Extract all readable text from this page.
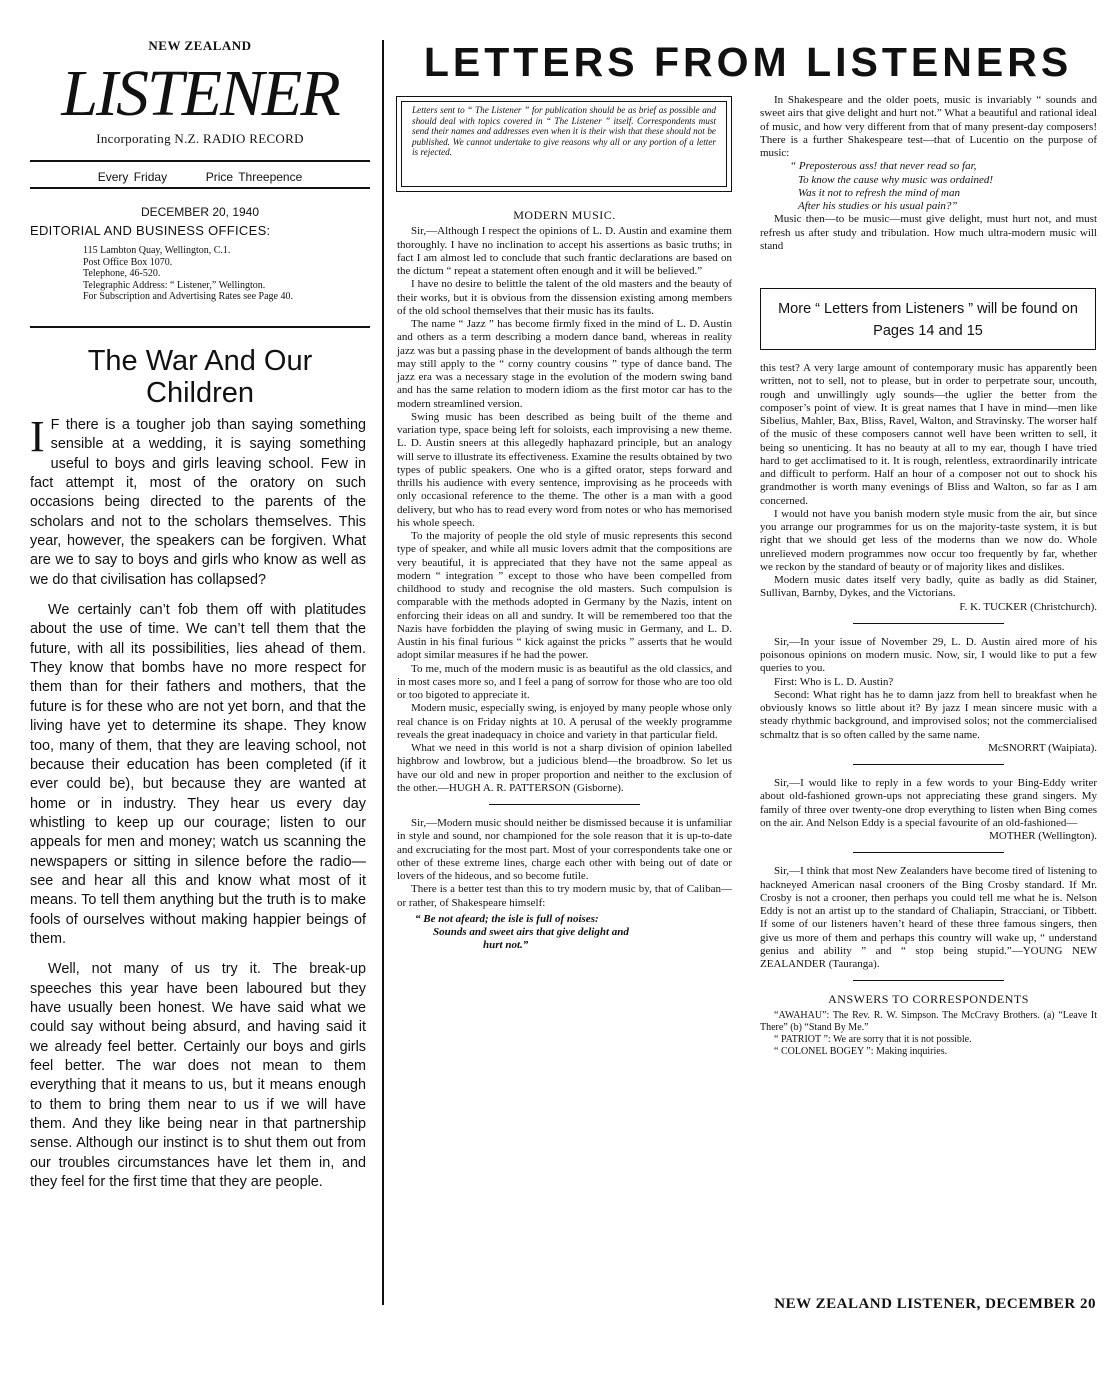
NEW ZEALAND
LISTENER
Incorporating N.Z. RADIO RECORD
Every Friday	Price Threepence
DECEMBER 20, 1940
EDITORIAL AND BUSINESS OFFICES:
115 Lambton Quay, Wellington, C.1.
Post Office Box 1070.
Telephone, 46-520.
Telegraphic Address: “ Listener,” Wellington.
For Subscription and Advertising Rates see Page 40.
The War And Our Children

I F there is a tougher job than saying something sensible at a wedding, it is saying something useful to boys and girls leaving school. Few in fact attempt it, most of the oratory on such occasions being directed to the parents of the scholars and not to the scholars themselves. This year, however, the speakers can be forgiven. What are we to say to boys and girls who know as well as we do that civilisation has collapsed?

We certainly can’t fob them off with platitudes about the use of time. We can’t tell them that the future, with all its possibilities, lies ahead of them. They know that bombs have no more respect for them than for their fathers and mothers, that the future is for these who are not yet born, and that the living have yet to determine its shape. They know too, many of them, that they are leaving school, not because their education has been completed (if it ever could be), but because they are wanted at home or in industry. They hear us every day whistling to keep up our courage; listen to our appeals for men and money; watch us scanning the newspapers or sitting in silence before the radio—see and hear all this and know what most of it means. To tell them anything but the truth is to make fools of ourselves without making happier beings of them.

Well, not many of us try it. The break-up speeches this year have been laboured but they have usually been honest. We have said what we could say without being absurd, and having said it we already feel better. Certainly our boys and girls feel better. The war does not mean to them everything that it means to us, but it means enough to them to bring them near to us if we will have them. And they like being near in that partnership sense. Although our instinct is to shut them out from our troubles circumstances have let them in, and they feel for the first time that they are people.

LETTERS FROM LISTENERS
Letters sent to “ The Listener ” for publication should be as brief as possible and should deal with topics covered in “ The Listener ” itself. Correspondents must send their names and addresses even when it is their wish that these should not be published. We cannot undertake to give reasons why all or any portion of a letter is rejected.
MODERN MUSIC.

Sir,—Although I respect the opinions of L. D. Austin and examine them thoroughly. I have no inclination to accept his assertions as basic truths; in fact I am almost led to conclude that such frantic declarations are based on the dictum “ repeat a statement often enough and it will be believed.”

I have no desire to belittle the talent of the old masters and the beauty of their works, but it is obvious from the dissension existing among members of the old school themselves that their music has its faults.

The name “ Jazz ” has become firmly fixed in the mind of L. D. Austin and others as a term describing a modern dance band, whereas in reality jazz was but a passing phase in the development of bands although the term may still apply to the “ corny country cousins ” type of dance band. The jazz era was a necessary stage in the evolution of the modern swing band and has the same relation to modern idiom as the first motor car has to the modern streamlined version.

Swing music has been described as being built of the theme and variation type, space being left for soloists, each improvising a new theme. L. D. Austin sneers at this allegedly haphazard principle, but an analogy will serve to illustrate its effectiveness. Examine the results obtained by two types of public speakers. One who is a gifted orator, steps forward and thrills his audience with every sentence, improvising as he proceeds with only occasional reference to the theme. The other is a man with a good delivery, but who has to read every word from notes or who has memorised his whole speech.

To the majority of people the old style of music represents this second type of speaker, and while all music lovers admit that the compositions are very beautiful, it is appreciated that they have not the same appeal as modern “ integration ” except to those who have been compelled from childhood to study and recognise the old masters. Such compulsion is comparable with the methods adopted in Germany by the Nazis, intent on enforcing their ideas on all and sundry. It will be remembered too that the Nazis have forbidden the playing of swing music in Germany, and L. D. Austin in his final furious “ kick against the pricks ” asserts that he would adopt similar measures if he had the power.

To me, much of the modern music is as beautiful as the old classics, and in most cases more so, and I feel a pang of sorrow for those who are too old or too bigoted to appreciate it.

Modern music, especially swing, is enjoyed by many people whose only real chance is on Friday nights at 10. A perusal of the weekly programme reveals the great inadequacy in choice and variety in that particular field.

What we need in this world is not a sharp division of opinion labelled highbrow and lowbrow, but a judicious blend—the broadbrow. So let us have our old and new in proper proportion and neither to the exclusion of the other.—HUGH A. R. PATTERSON (Gisborne).

Sir,—Modern music should neither be dismissed because it is unfamiliar in style and sound, nor championed for the sole reason that it is up-to-date and excruciating for the most part. Most of your correspondents take one or other of these extreme lines, charge each other with being out of date or lovers of the hideous, and so become futile.

There is a better test than this to try modern music by, that of Caliban—or rather, of Shakespeare himself:

“ Be not afeard; the isle is full of noises:

Sounds and sweet airs that give delight and

hurt not.”

In Shakespeare and the older poets, music is invariably “ sounds and sweet airs that give delight and hurt not.” What a beautiful and rational ideal of music, and how very different from that of many present-day composers! There is a further Shakespeare test—that of Lucentio on the purpose of music:

“ Preposterous ass! that never read so far,

To know the cause why music was ordained!

Was it not to refresh the mind of man

After his studies or his usual pain?”

Music then—to be music—must give delight, must hurt not, and must refresh us after study and tribulation. How much ultra-modern music will stand

More “ Letters from Listeners ” will be found on Pages 14 and 15

this test? A very large amount of contemporary music has apparently been written, not to sell, not to please, but in order to perpetrate sour, uncouth, rough and unwillingly ugly sounds—the uglier the better from the composer’s point of view. It is great names that I have in mind—men like Sibelius, Mahler, Bax, Bliss, Ravel, Walton, and Stravinsky. The worser half of the music of these composers cannot well have been written to sell, it being so unenticing. It has no beauty at all to my ear, though I have tried hard to get acclimatised to it. It is rough, relentless, extraordinarily intricate and difficult to perform. Half an hour of a composer not out to shock his grandmother is worth many evenings of Bliss and Walton, so far as I am concerned.

I would not have you banish modern style music from the air, but since you arrange our programmes for us on the majority-taste system, it is but right that we should get less of the moderns than we now do. Whole unrelieved modern programmes now occur too frequently by far, whether we reckon by the standard of beauty or of majority likes and dislikes.

Modern music dates itself very badly, quite as badly as did Stainer, Sullivan, Barnby, Dykes, and the Victorians.

F. K. TUCKER (Christchurch).

Sir,—In your issue of November 29, L. D. Austin aired more of his poisonous opinions on modern music. Now, sir, I would like to put a few queries to you.

First: Who is L. D. Austin?

Second: What right has he to damn jazz from hell to breakfast when he obviously knows so little about it? By jazz I mean sincere music with a steady rhythmic background, and improvised solos; not the commercialised schmaltz that is so often called by the same name.

McSNORRT (Waipiata).

Sir,—I would like to reply in a few words to your Bing-Eddy writer about old-fashioned grown-ups not appreciating these grand singers. My family of three over twenty-one drop everything to listen when Bing comes on the air. And Nelson Eddy is a special favourite of an old-fashioned—

MOTHER (Wellington).

Sir,—I think that most New Zealanders have become tired of listening to hackneyed American nasal crooners of the Bing Crosby standard. If Mr. Crosby is not a crooner, then perhaps you could tell me what he is. Nelson Eddy is not an artist up to the standard of Chaliapin, Stracciani, or Tibbett. If some of our listeners haven’t heard of these three famous singers, then give us more of them and perhaps this country will wake up, “ understand genius and ability ” and “ stop being stupid.”—YOUNG NEW ZEALANDER (Tauranga).

ANSWERS TO CORRESPONDENTS

“AWAHAU”: The Rev. R. W. Simpson. The McCravy Brothers. (a) “Leave It There” (b) “Stand By Me.”

“ PATRIOT ”: We are sorry that it is not possible.

“ COLONEL BOGEY ”: Making inquiries.

NEW ZEALAND LISTENER, DECEMBER 20
